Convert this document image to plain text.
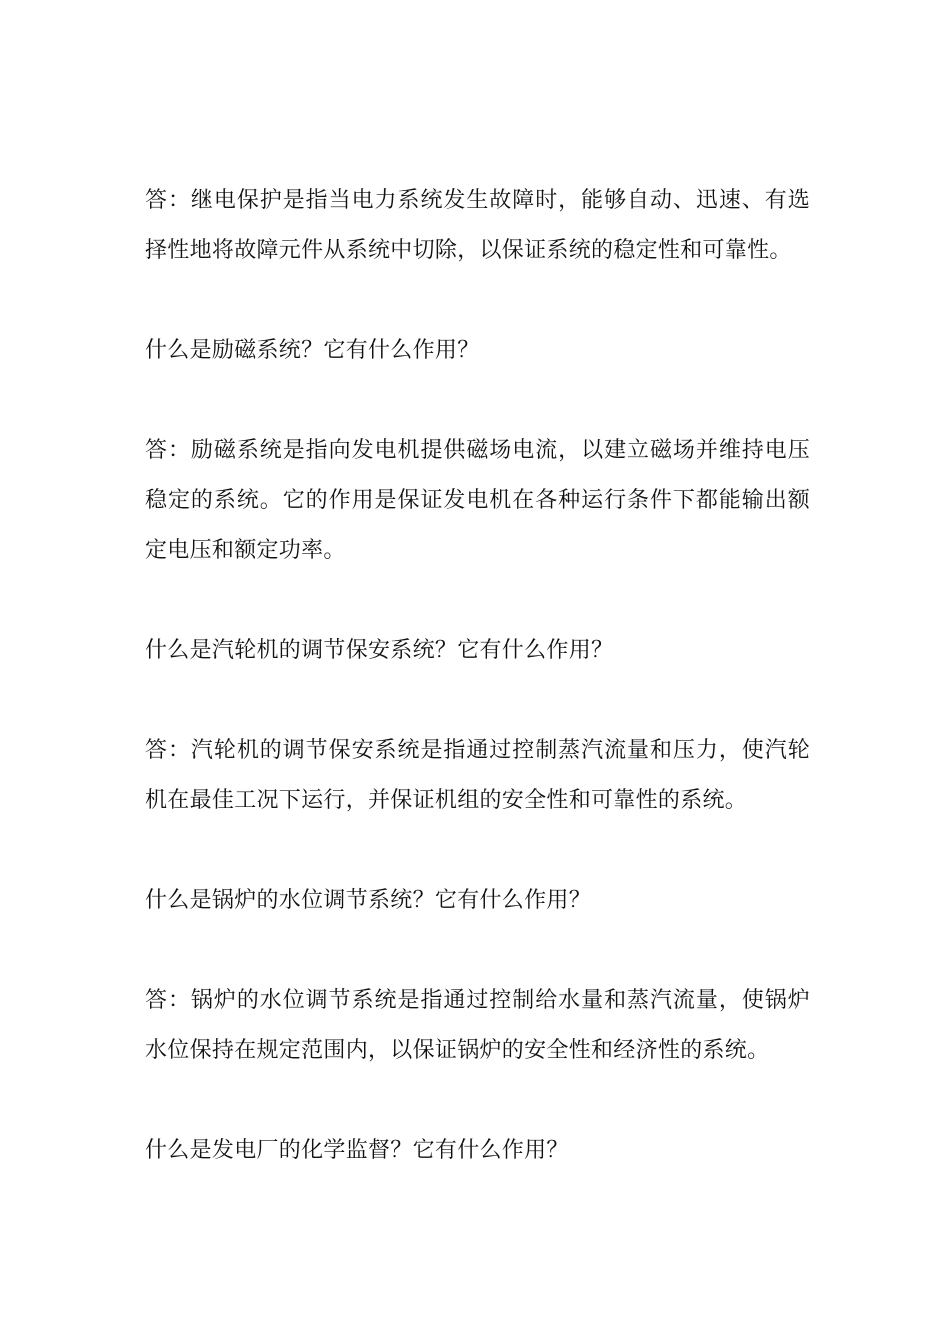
答：继电保护是指当电力系统发生故障时，能够自动、迅速、有选择性地将故障元件从系统中切除，以保证系统的稳定性和可靠性。

什么是励磁系统？它有什么作用？

答：励磁系统是指向发电机提供磁场电流，以建立磁场并维持电压稳定的系统。它的作用是保证发电机在各种运行条件下都能输出额定电压和额定功率。

什么是汽轮机的调节保安系统？它有什么作用？

答：汽轮机的调节保安系统是指通过控制蒸汽流量和压力，使汽轮机在最佳工况下运行，并保证机组的安全性和可靠性的系统。

什么是锅炉的水位调节系统？它有什么作用？

答：锅炉的水位调节系统是指通过控制给水量和蒸汽流量，使锅炉水位保持在规定范围内，以保证锅炉的安全性和经济性的系统。

什么是发电厂的化学监督？它有什么作用？
